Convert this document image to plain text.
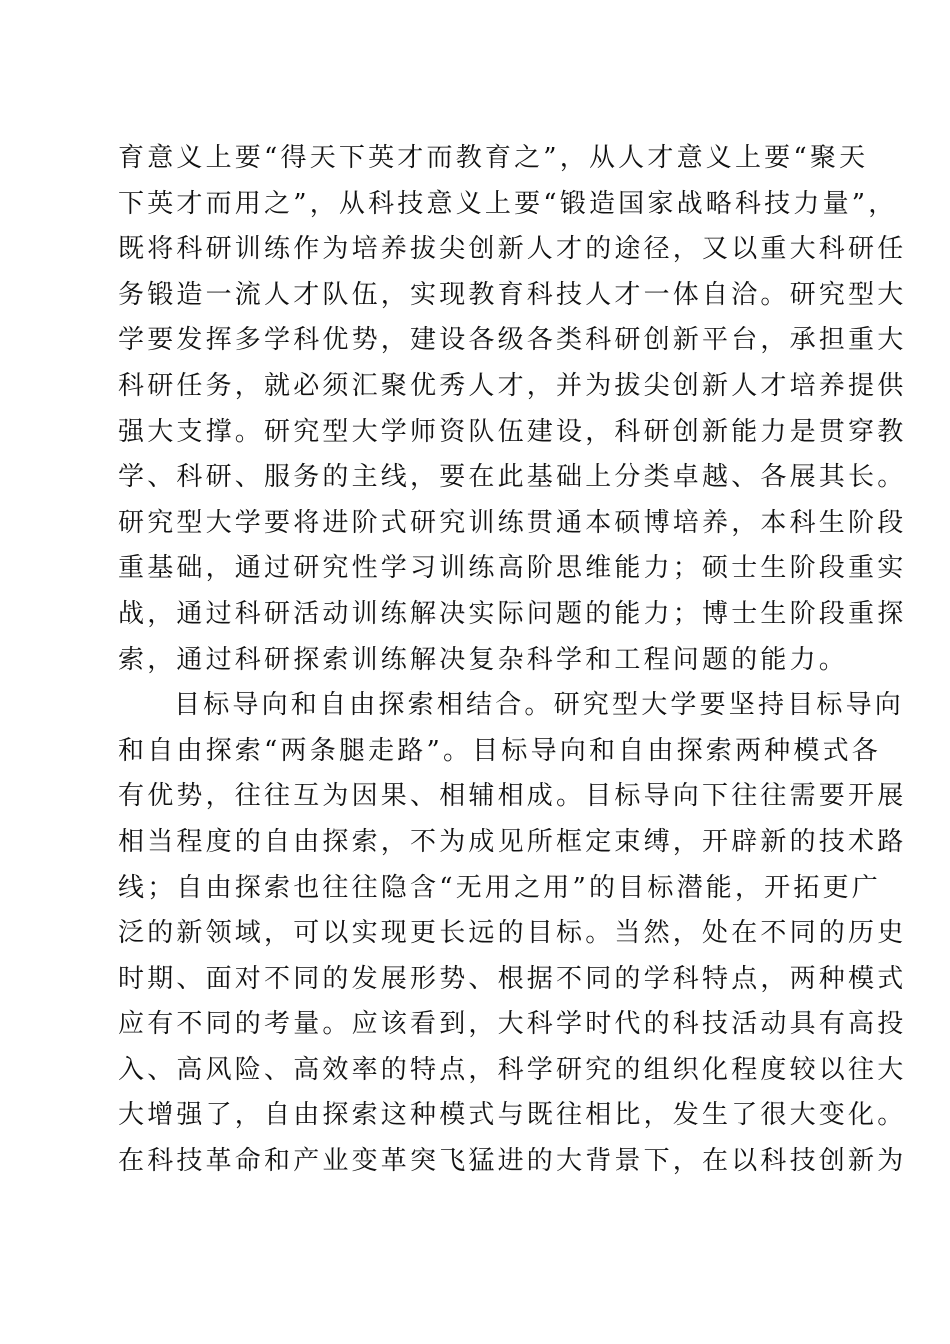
育意义上要“得天下英才而教育之”，从人才意义上要“聚天
下英才而用之”，从科技意义上要“锻造国家战略科技力量”，
既将科研训练作为培养拔尖创新人才的途径，又以重大科研任
务锻造一流人才队伍，实现教育科技人才一体自洽。研究型大
学要发挥多学科优势，建设各级各类科研创新平台，承担重大
科研任务，就必须汇聚优秀人才，并为拔尖创新人才培养提供
强大支撑。研究型大学师资队伍建设，科研创新能力是贯穿教
学、科研、服务的主线，要在此基础上分类卓越、各展其长。
研究型大学要将进阶式研究训练贯通本硕博培养，本科生阶段
重基础，通过研究性学习训练高阶思维能力；硕士生阶段重实
战，通过科研活动训练解决实际问题的能力；博士生阶段重探
索，通过科研探索训练解决复杂科学和工程问题的能力。
目标导向和自由探索相结合。研究型大学要坚持目标导向
和自由探索“两条腿走路”。目标导向和自由探索两种模式各
有优势，往往互为因果、相辅相成。目标导向下往往需要开展
相当程度的自由探索，不为成见所框定束缚，开辟新的技术路
线；自由探索也往往隐含“无用之用”的目标潜能，开拓更广
泛的新领域，可以实现更长远的目标。当然，处在不同的历史
时期、面对不同的发展形势、根据不同的学科特点，两种模式
应有不同的考量。应该看到，大科学时代的科技活动具有高投
入、高风险、高效率的特点，科学研究的组织化程度较以往大
大增强了，自由探索这种模式与既往相比，发生了很大变化。
在科技革命和产业变革突飞猛进的大背景下，在以科技创新为
